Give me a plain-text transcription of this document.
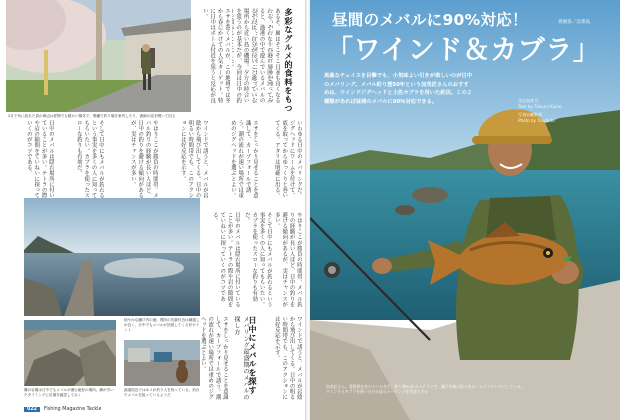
2月下旬に訪れた春の海辺は昼間でも暖かい陽気で、鳴瀬で釣り場を案内したり、漁師の話を聞いて回る
多彩なグルメ的食料をもつ
あるそ、風はそこそこ日並も良くなる
れる。それなりの港の周囲を回ってみると、漁港の中で遊んでいるメバルの
るそれは、自分が長いこと通っている場所から近い島の磯場。夕方の時合いを狙うのが基本だが、今回は日中の釣
エサを巻くメバルが、この地域では冬から春にかけての人気ターゲット。特に日中はボトム付近を狙うと反応が良い。
いわゆる日中のメバリングだ。ジグヘッドにワームを付けて、底を取ってからゆっくりと巻いてくる。アタリは明確に出る。
エサをしっかり見せることを意識して、カーブフォールで誘う。潮の流れが速い場所では重めのジグヘッドを選ぶとよい。
ワインドで誘うと、メバルが岩陰から飛び出してくる。日中の明るい時間帯でも、このアクションには好反応を示す。
やはりここが勝負の時間帯。メバル釣りの経験が長い人ほど、日中の釣りを避ける傾向があるが、実はチャンスが多い。
そして日中にもメバルが釣れるという事実を多くの人に知ってもらいたい。カブラを使ったスローな釣りも有効だ。
日中のメバルは隠れ場所に付いていることが多い。テトラの際や岩の隙間をていねいに探っていくのがコツである。
やはりここが勝負の時間帯。メバル釣りの経験が長い人ほど、日中の釣りを避ける傾向があるが、実はチャンスが多い。
そして日中にもメバルが釣れるという事実を多くの人に知ってもらいたい。カブラを使ったスローな釣りも有効だ。
日中のメバルは隠れ場所に付いていることが多い。テトラの際や岩の隙間をていねいに探っていくのがコツである。
日中にメバルを探す
メバリング最盛期のメバルの探し方	ワインドで誘うと、メバルが岩陰から飛び出してくる。日中の明るい時間帯でも、このアクションには好反応を示す。
エサをしっかり見せることを意識して、カーブフォールで誘う。潮の流れが速い場所では重めのジグヘッドを選ぶとよい。
磯の岩場は日中でもメバルが潜む絶好の場所。潮が引いたタイミングに足場を確認しておく
漁港周辺ではネコが釣り人を待っている。釣れたメバルを狙っているようだ
穏やかな瀬戸内の港。堤防の先端付近は潮通しが良く、日中でもメバルが回遊してくる好ポイント
022	Fishing Magazine Tackle
昼間のメバルに90%対応！	愛媛県／忽那島
「ワインド＆カブラ」
馬鹿なチェイスを目撃でも、小気味よい引きが楽しいのが日中のメバリング。メバル釣り歴50年という加茂匠さんのおすすめは、ワインドジグヘッドと土佐カブラを用いた釣法。この２種類があれば昼間のメバルに90％対応できる。	文◎加茂 匠
Text by Takumi Kamo
写真◎編集部
Photo by Tsuribito
加茂匠さん。愛媛県在住のメバル名手。釣り歴50年のベテランで、瀬戸内海の島々をホームグラウンドにしている。ワインドとカブラを使い分ける昼のメバリングを得意とする
